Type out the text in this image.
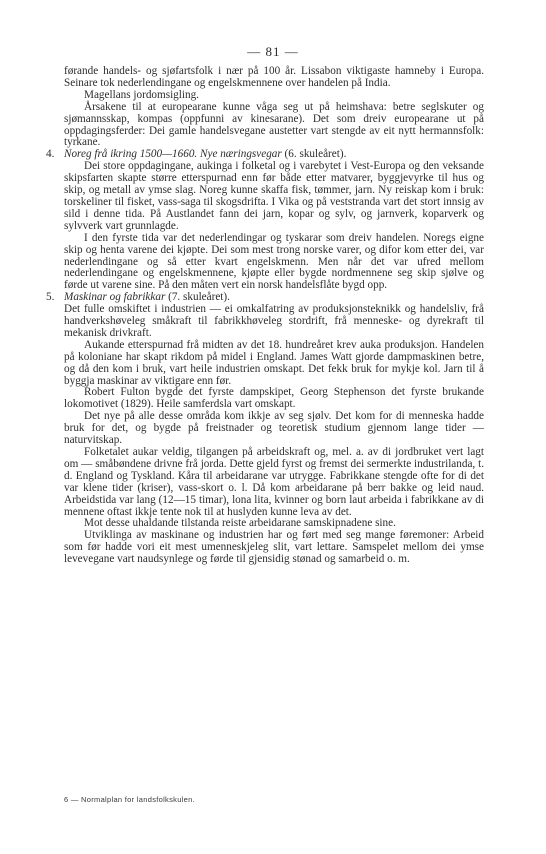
— 81 —

førande handels- og sjøfartsfolk i nær på 100 år. Lissabon viktigaste hamneby i Europa. Seinare tok nederlendingane og engelskmennene over handelen på India.

Magellans jordomsigling.

Årsakene til at europearane kunne våga seg ut på heimshava: betre seglskuter og sjømannsskap, kompas (oppfunni av kinesarane). Det som dreiv europearane ut på oppdagingsferder: Dei gamle handelsvegane austetter vart stengde av eit nytt hermannsfolk: tyrkane.

4. Noreg frå ikring 1500—1660. Nye næringsvegar (6. skuleåret).

Dei store oppdagingane, aukinga i folketal og i varebytet i Vest-Europa og den veksande skipsfarten skapte større etterspurnad enn før både etter matvarer, byggjevyrke til hus og skip, og metall av ymse slag. Noreg kunne skaffa fisk, tømmer, jarn. Ny reiskap kom i bruk: torskeliner til fisket, vass-saga til skogsdrifta. I Vika og på veststranda vart det stort innsig av sild i denne tida. På Austlandet fann dei jarn, kopar og sylv, og jarnverk, koparverk og sylvverk vart grunnlagde.

I den fyrste tida var det nederlendingar og tyskarar som dreiv handelen. Noregs eigne skip og henta varene dei kjøpte. Dei som mest trong norske varer, og difor kom etter dei, var nederlendingane og så etter kvart engelskmenn. Men når det var ufred mellom nederlendingane og engelskmennene, kjøpte eller bygde nordmennene seg skip sjølve og førde ut varene sine. På den måten vert ein norsk handelsflåte bygd opp.

5. Maskinar og fabrikkar (7. skuleåret).

Det fulle omskiftet i industrien — ei omkalfatring av produksjonsteknikk og handelsliv, frå handverkshøveleg småkraft til fabrikkhøveleg stordrift, frå menneske- og dyrekraft til mekanisk drivkraft.

Aukande etterspurnad frå midten av det 18. hundreåret krev auka produksjon. Handelen på koloniane har skapt rikdom på midel i England. James Watt gjorde dampmaskinen betre, og då den kom i bruk, vart heile industrien omskapt. Det fekk bruk for mykje kol. Jarn til å byggja maskinar av viktigare enn før.

Robert Fulton bygde det fyrste dampskipet, Georg Stephenson det fyrste brukande lokomotivet (1829). Heile samferdsla vart omskapt.

Det nye på alle desse områda kom ikkje av seg sjølv. Det kom for di menneska hadde bruk for det, og bygde på freistnader og teoretisk studium gjennom lange tider — naturvitskap.

Folketalet aukar veldig, tilgangen på arbeidskraft og, mel. a. av di jordbruket vert lagt om — småbøndene drivne frå jorda. Dette gjeld fyrst og fremst dei sermerkte industrilanda, t. d. England og Tyskland. Kåra til arbeidarane var utrygge. Fabrikkane stengde ofte for di det var klene tider (kriser), vass-skort o. l. Då kom arbeidarane på berr bakke og leid naud. Arbeidstida var lang (12—15 timar), lona lita, kvinner og born laut arbeida i fabrikkane av di mennene oftast ikkje tente nok til at huslyden kunne leva av det.

Mot desse uhaldande tilstanda reiste arbeidarane samskipnadene sine.

Utviklinga av maskinane og industrien har og ført med seg mange føremoner: Arbeid som før hadde vori eit mest umenneskjeleg slit, vart lettare. Samspelet mellom dei ymse levevegane vart naudsynlege og førde til gjensidig stønad og samarbeid o. m.

6 — Normalplan for landsfolkskulen.
